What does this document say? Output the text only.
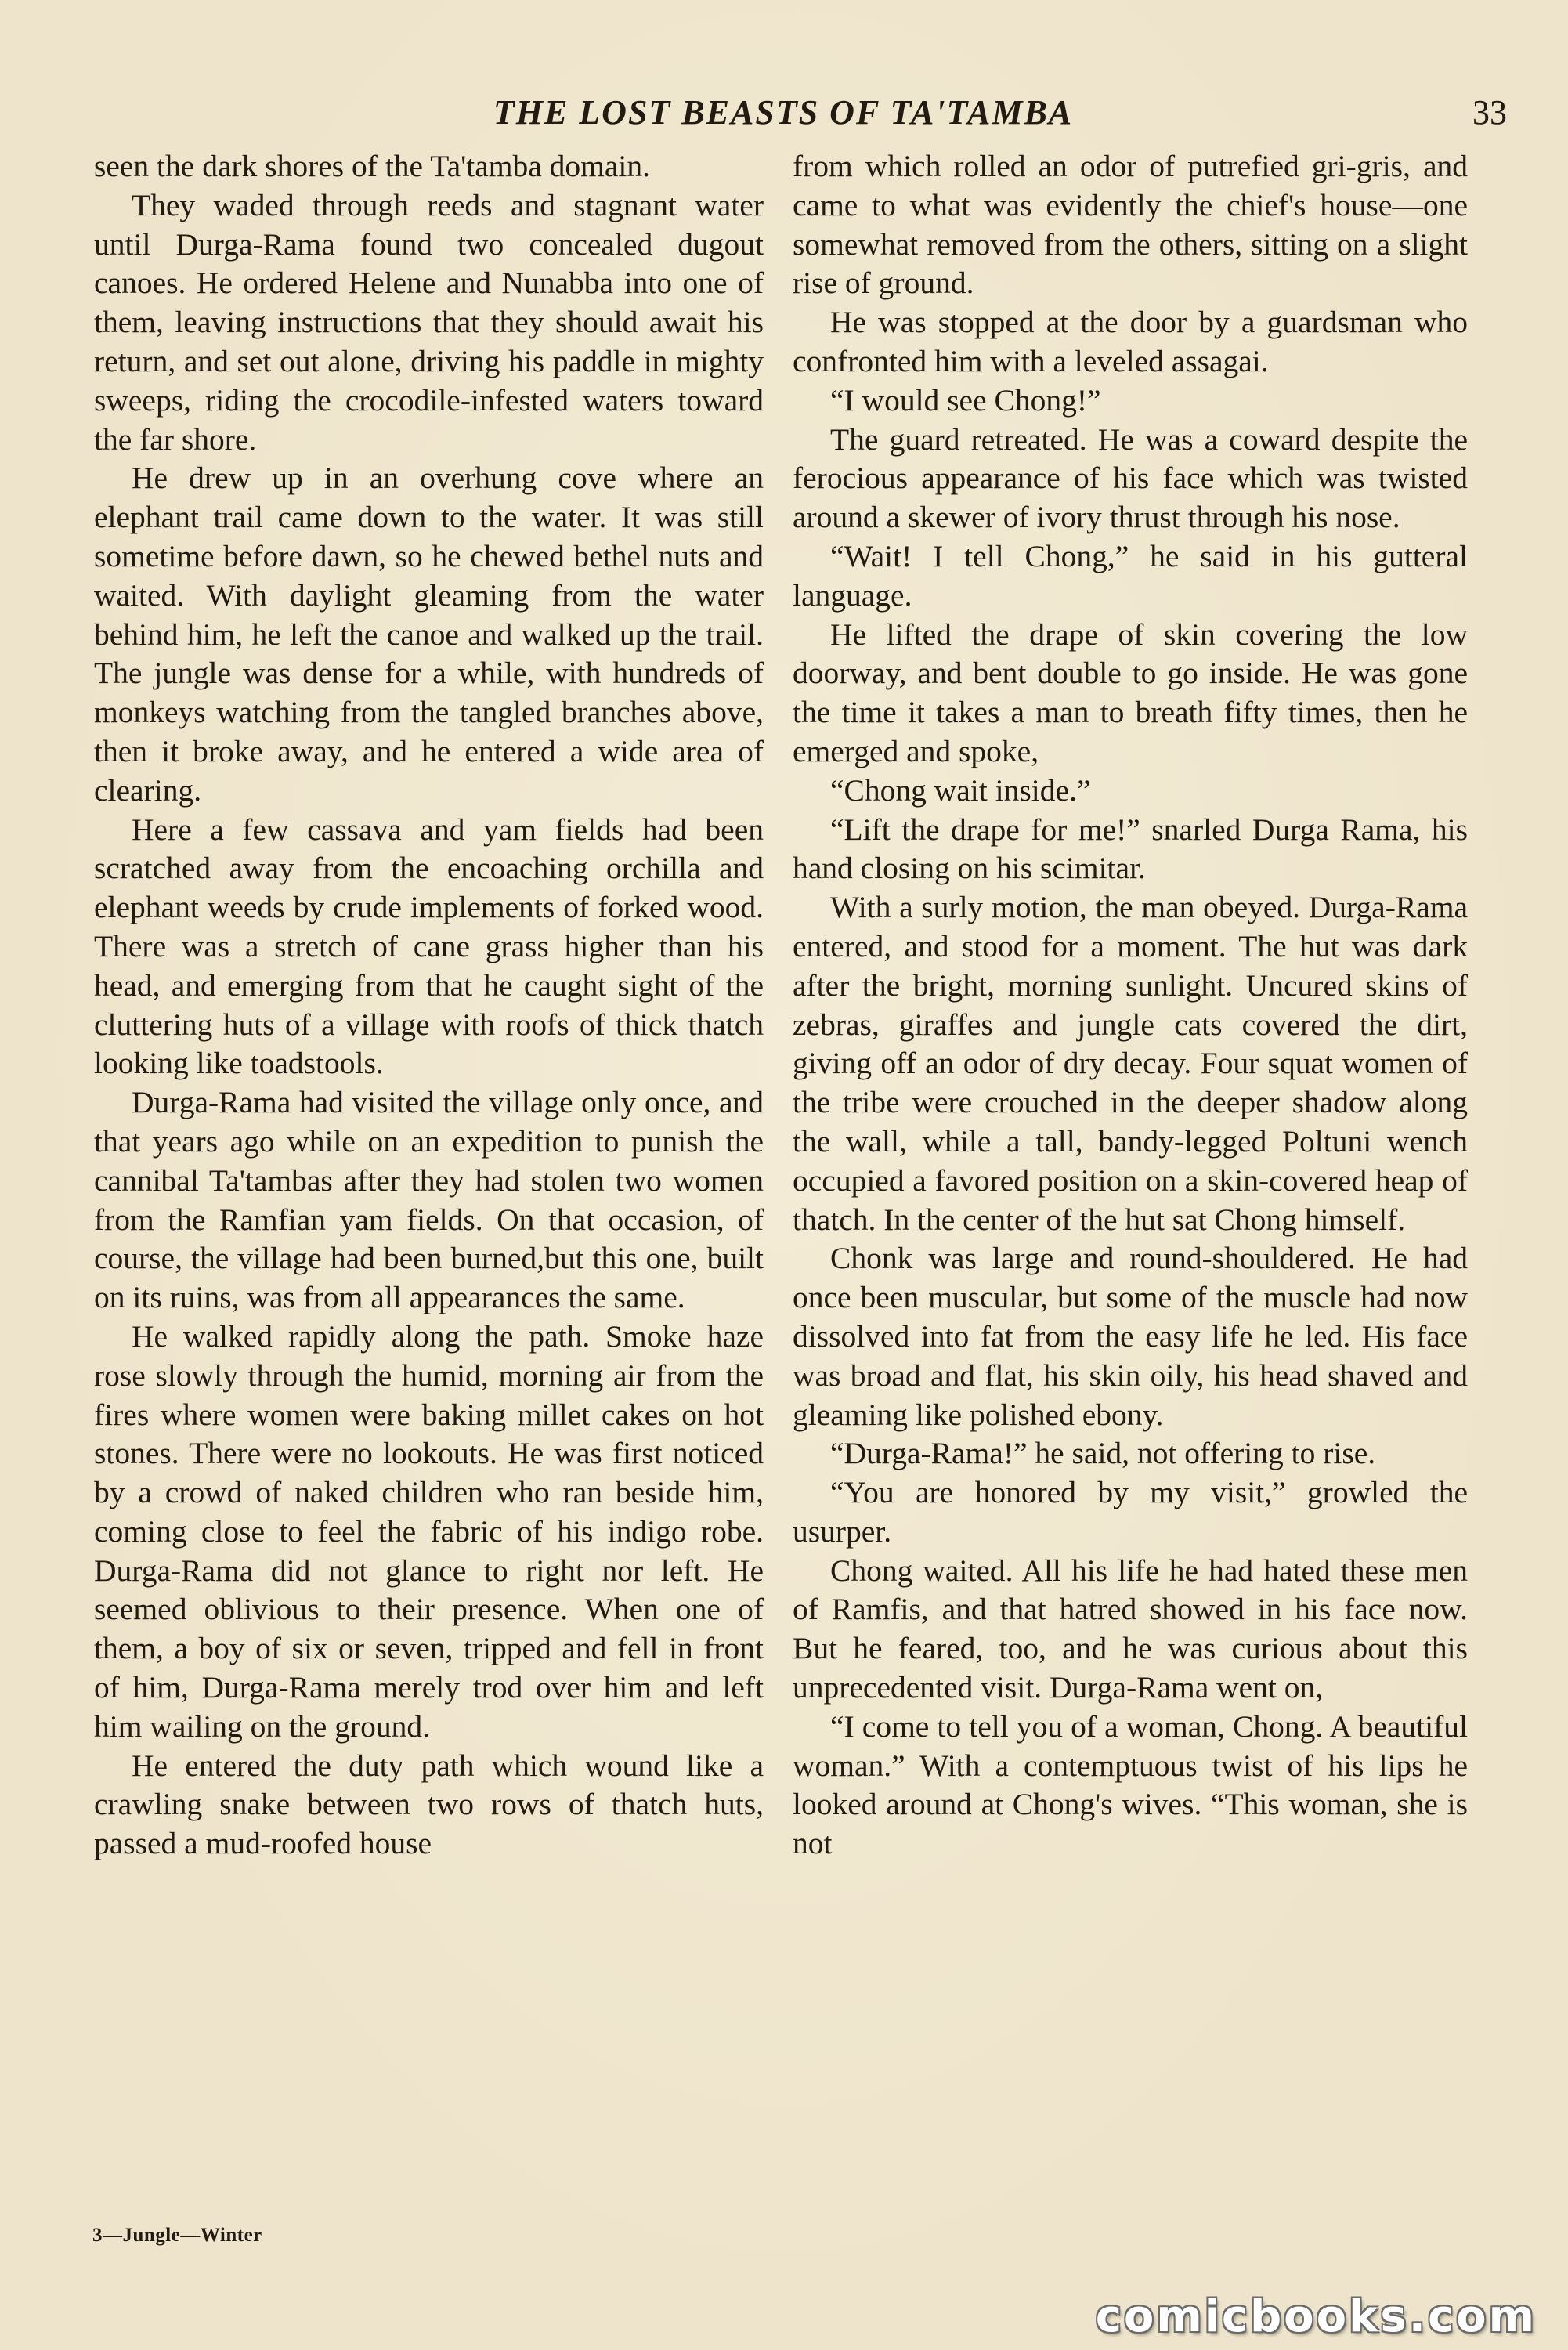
THE LOST BEASTS OF TA'TAMBA	33

seen the dark shores of the Ta'tamba domain.

They waded through reeds and stagnant water until Durga-Rama found two concealed dugout canoes. He ordered Helene and Nunabba into one of them, leaving instructions that they should await his return, and set out alone, driving his paddle in mighty sweeps, riding the crocodile-infested waters toward the far shore.

He drew up in an overhung cove where an elephant trail came down to the water. It was still sometime before dawn, so he chewed bethel nuts and waited. With daylight gleaming from the water behind him, he left the canoe and walked up the trail. The jungle was dense for a while, with hundreds of monkeys watching from the tangled branches above, then it broke away, and he entered a wide area of clearing.

Here a few cassava and yam fields had been scratched away from the encoaching orchilla and elephant weeds by crude implements of forked wood. There was a stretch of cane grass higher than his head, and emerging from that he caught sight of the cluttering huts of a village with roofs of thick thatch looking like toadstools.

Durga-Rama had visited the village only once, and that years ago while on an expedition to punish the cannibal Ta'tambas after they had stolen two women from the Ramfian yam fields. On that occasion, of course, the village had been burned,but this one, built on its ruins, was from all appearances the same.

He walked rapidly along the path. Smoke haze rose slowly through the humid, morning air from the fires where women were baking millet cakes on hot stones. There were no lookouts. He was first noticed by a crowd of naked children who ran beside him, coming close to feel the fabric of his indigo robe. Durga-Rama did not glance to right nor left. He seemed oblivious to their presence. When one of them, a boy of six or seven, tripped and fell in front of him, Durga-Rama merely trod over him and left him wailing on the ground.

He entered the duty path which wound like a crawling snake between two rows of thatch huts, passed a mud-roofed house

from which rolled an odor of putrefied gri-gris, and came to what was evidently the chief's house—one somewhat removed from the others, sitting on a slight rise of ground.

He was stopped at the door by a guardsman who confronted him with a leveled assagai.

“I would see Chong!”

The guard retreated. He was a coward despite the ferocious appearance of his face which was twisted around a skewer of ivory thrust through his nose.

“Wait! I tell Chong,” he said in his gutteral language.

He lifted the drape of skin covering the low doorway, and bent double to go inside. He was gone the time it takes a man to breath fifty times, then he emerged and spoke,

“Chong wait inside.”

“Lift the drape for me!” snarled Durga Rama, his hand closing on his scimitar.

With a surly motion, the man obeyed. Durga-Rama entered, and stood for a moment. The hut was dark after the bright, morning sunlight. Uncured skins of zebras, giraffes and jungle cats covered the dirt, giving off an odor of dry decay. Four squat women of the tribe were crouched in the deeper shadow along the wall, while a tall, bandy-legged Poltuni wench occupied a favored position on a skin-covered heap of thatch. In the center of the hut sat Chong himself.

Chonk was large and round-shouldered. He had once been muscular, but some of the muscle had now dissolved into fat from the easy life he led. His face was broad and flat, his skin oily, his head shaved and gleaming like polished ebony.

“Durga-Rama!” he said, not offering to rise.

“You are honored by my visit,” growled the usurper.

Chong waited. All his life he had hated these men of Ramfis, and that hatred showed in his face now. But he feared, too, and he was curious about this unprecedented visit. Durga-Rama went on,

“I come to tell you of a woman, Chong. A beautiful woman.” With a contemptuous twist of his lips he looked around at Chong's wives. “This woman, she is not

3—Jungle—Winter
comicbooks.com
